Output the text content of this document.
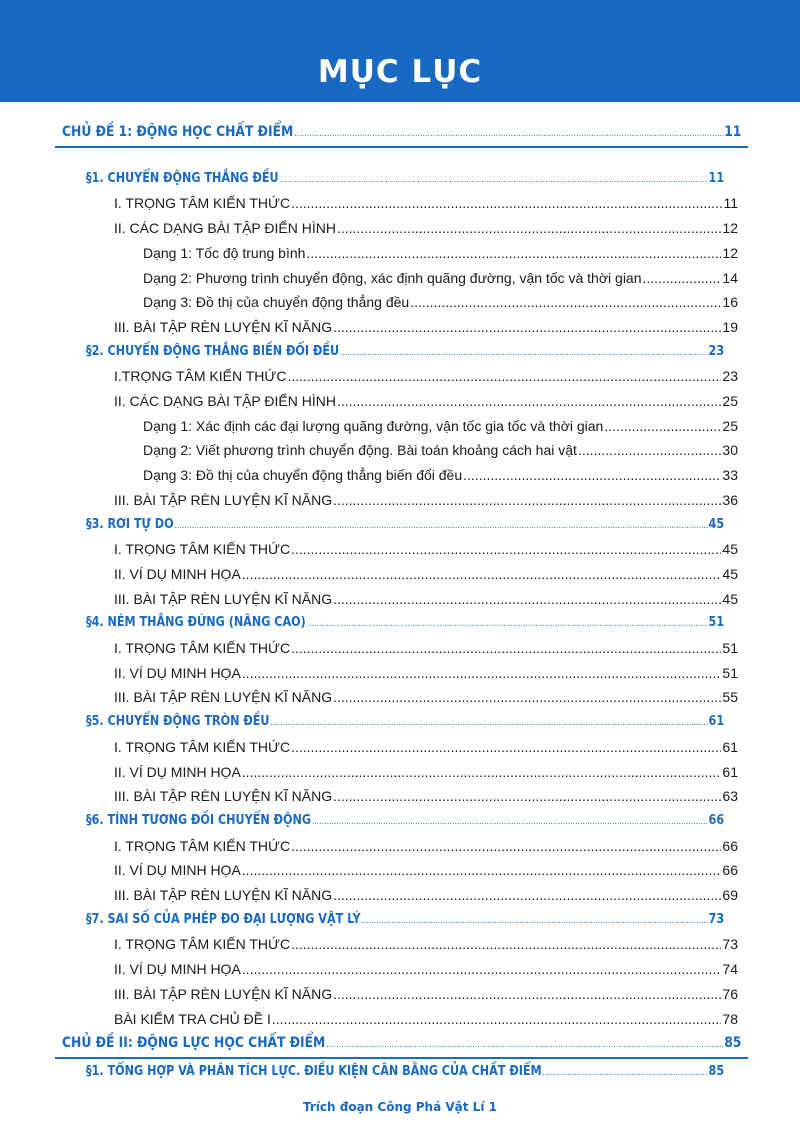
MỤC LỤC
CHỦ ĐỀ 1: ĐỘNG HỌC CHẤT ĐIỂM .....	11
§1. CHUYỂN ĐỘNG THẲNG ĐỀU .....	11
I. TRỌNG TÂM KIẾN THỨC .....	11
II. CÁC DẠNG BÀI TẬP ĐIỂN HÌNH .....	12
Dạng 1: Tốc độ trung bình .....	12
Dạng 2: Phương trình chuyển động, xác định quãng đường, vận tốc và thời gian .....	14
Dạng 3: Đồ thị của chuyển động thẳng đều .....	16
III. BÀI TẬP RÈN LUYỆN KĨ NĂNG .....	19
§2. CHUYỂN ĐỘNG THẲNG BIẾN ĐỔI ĐỀU .....	23
I.TRỌNG TÂM KIẾN THỨC .....	23
II. CÁC DẠNG BÀI TẬP ĐIỂN HÌNH .....	25
Dạng 1: Xác định các đại lượng quãng đường, vận tốc gia tốc và thời gian .....	25
Dạng 2: Viết phương trình chuyển động. Bài toán khoảng cách hai vật .....	30
Dạng 3: Đồ thị của chuyển động thẳng biến đổi đều .....	33
III. BÀI TẬP RÈN LUYỆN KĨ NĂNG .....	36
§3. RƠI TỰ DO .....	45
I. TRỌNG TÂM KIẾN THỨC .....	45
II. VÍ DỤ MINH HỌA .....	45
III. BÀI TẬP RÈN LUYỆN KĨ NĂNG .....	45
§4. NÉM THẲNG ĐỨNG (NÂNG CAO) .....	51
I. TRỌNG TÂM KIẾN THỨC .....	51
II. VÍ DỤ MINH HỌA .....	51
III. BÀI TẬP RÈN LUYỆN KĨ NĂNG .....	55
§5. CHUYỂN ĐỘNG TRÒN ĐỀU .....	61
I. TRỌNG TÂM KIẾN THỨC .....	61
II. VÍ DỤ MINH HỌA .....	61
III. BÀI TẬP RÈN LUYỆN KĨ NĂNG .....	63
§6. TÍNH TƯƠNG ĐỐI CHUYỂN ĐỘNG .....	66
I. TRỌNG TÂM KIẾN THỨC .....	66
II. VÍ DỤ MINH HỌA .....	66
III. BÀI TẬP RÈN LUYỆN KĨ NĂNG .....	69
§7. SAI SỐ CỦA PHÉP ĐO ĐẠI LƯỢNG VẬT LÝ .....	73
I. TRỌNG TÂM KIẾN THỨC .....	73
II. VÍ DỤ MINH HỌA .....	74
III. BÀI TẬP RÈN LUYỆN KĨ NĂNG .....	76
BÀI KIỂM TRA CHỦ ĐỀ I .....	78
CHỦ ĐỀ II: ĐỘNG LỰC HỌC CHẤT ĐIỂM .....	85
§1. TỔNG HỢP VÀ PHÂN TÍCH LỰC. ĐIỀU KIỆN CÂN BẰNG CỦA CHẤT ĐIỂM .....	85
Trích đoạn Công Phá Vật Lí 1
